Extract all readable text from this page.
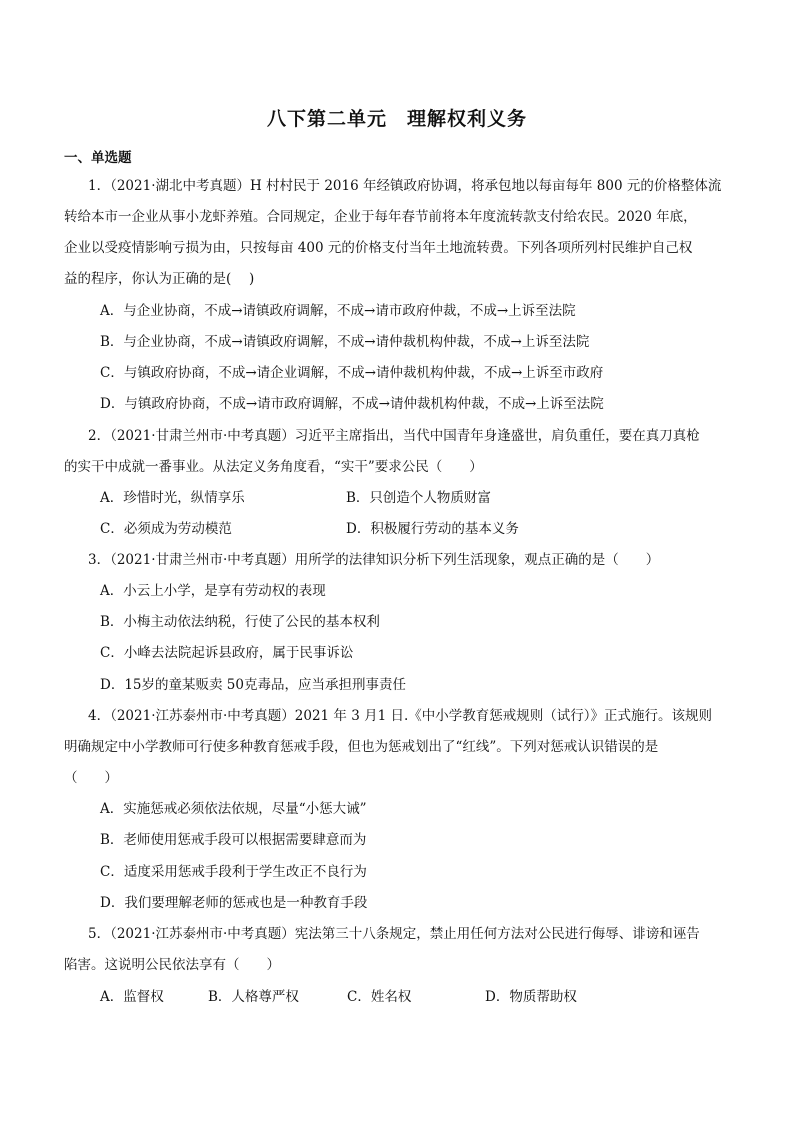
八下第二单元　理解权利义务
一、单选题
1．（2021·湖北中考真题）H 村村民于 2016 年经镇政府协调，将承包地以每亩每年 800 元的价格整体流
转给本市一企业从事小龙虾养殖。合同规定，企业于每年春节前将本年度流转款支付给农民。2020 年底，
企业以受疫情影响亏损为由，只按每亩 400 元的价格支付当年土地流转费。下列各项所列村民维护自己权
益的程序，你认为正确的是(　 )
A．与企业协商，不成→请镇政府调解，不成→请市政府仲裁，不成→上诉至法院
B．与企业协商，不成→请镇政府调解，不成→请仲裁机构仲裁，不成→上诉至法院
C．与镇政府协商，不成→请企业调解，不成→请仲裁机构仲裁，不成→上诉至市政府
D．与镇政府协商，不成→请市政府调解，不成→请仲裁机构仲裁，不成→上诉至法院
2．（2021·甘肃兰州市·中考真题）习近平主席指出，当代中国青年身逢盛世，肩负重任，要在真刀真枪
的实干中成就一番事业。从法定义务角度看，“实干”要求公民（　　）
A．珍惜时光，纵情享乐	B．只创造个人物质财富
C．必须成为劳动模范	D．积极履行劳动的基本义务
3．（2021·甘肃兰州市·中考真题）用所学的法律知识分析下列生活现象，观点正确的是（　　）
A．小云上小学，是享有劳动权的表现
B．小梅主动依法纳税，行使了公民的基本权利
C．小峰去法院起诉县政府，属于民事诉讼
D．15岁的童某贩卖 50克毒品，应当承担刑事责任
4．（2021·江苏泰州市·中考真题）2021 年 3 月1 日.《中小学教育惩戒规则（试行）》正式施行。该规则
明确规定中小学教师可行使多种教育惩戒手段，但也为惩戒划出了“红线”。下列对惩戒认识错误的是
（　　）
A．实施惩戒必须依法依规，尽量“小惩大诫”
B．老师使用惩戒手段可以根据需要肆意而为
C．适度采用惩戒手段利于学生改正不良行为
D．我们要理解老师的惩戒也是一种教育手段
5．（2021·江苏泰州市·中考真题）宪法第三十八条规定，禁止用任何方法对公民进行侮辱、诽谤和诬告
陷害。这说明公民依法享有（　　）
A．监督权	B．人格尊严权	C．姓名权	D．物质帮助权
